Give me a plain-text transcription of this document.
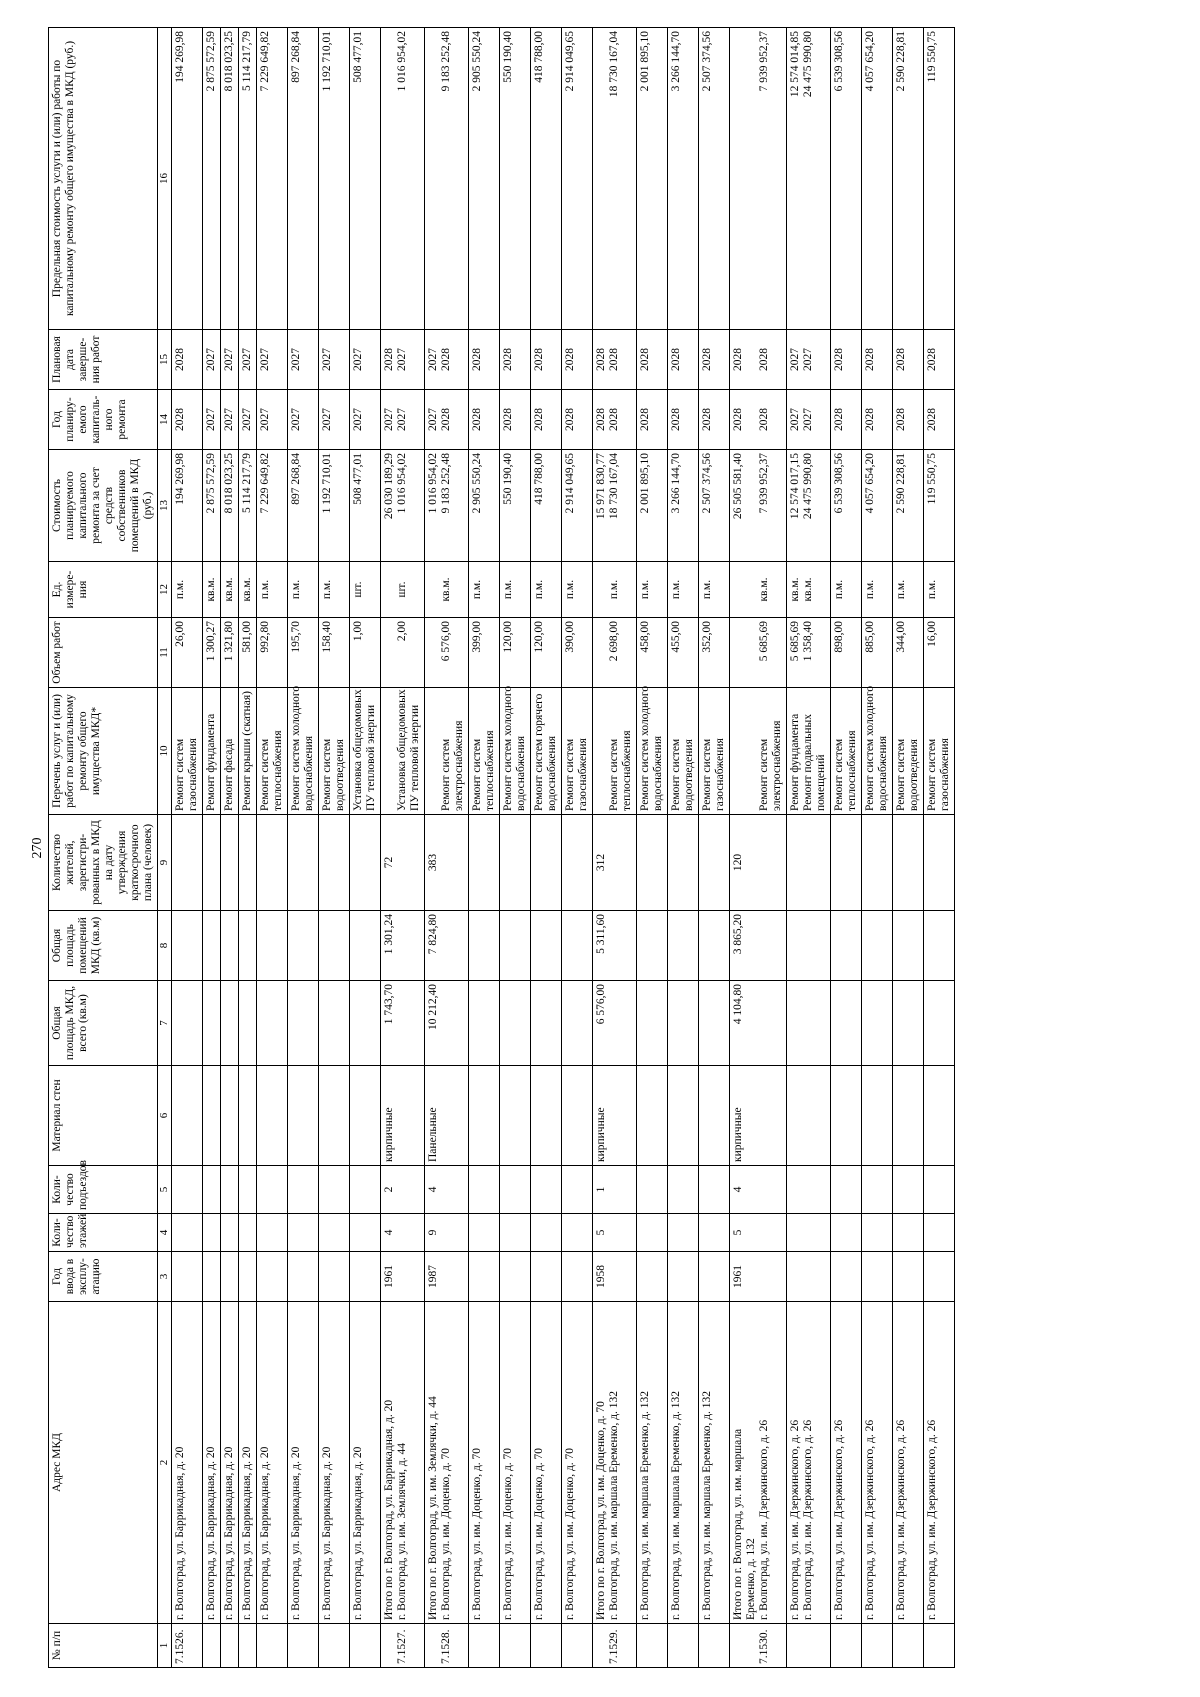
270
№ п/п	Адрес МКД	Год ввода в эксплу-атацию	Коли-чество этажей	Коли-чество подъездов	Материал стен	Общая площадь МКД, всего (кв.м)	Общая площадь помещений МКД (кв.м)	Количество жителей, зарегистри-рованных в МКД на дату утверждения краткосрочного плана (человек)	Перечень услуг и (или) работ по капитальному ремонту общего имущества МКД*	Объем работ	Ед. измере-ния	Стоимость планируемого капитального ремонта за счет средств собственников помещений в МКД (руб.)	Год планиру-емого капиталь-ного ремонта	Плановая дата заверше-ния работ	Предельная стоимость услуги и (или) работы по капитальному ремонту общего имущества в МКД (руб.)
1	2	3	4	5	6	7	8	9	10	11	12	13	14	15	16

7.1526.	г. Волгоград, ул. Баррикадная, д. 20								Ремонт систем газоснабжения	26,00	п.м.	194 269,98	2028	2028	194 269,98

	г. Волгоград, ул. Баррикадная, д. 20								Ремонт фундамента	1 300,27	кв.м.	2 875 572,59	2027	2027	2 875 572,59

	г. Волгоград, ул. Баррикадная, д. 20								Ремонт фасада	1 321,80	кв.м.	8 018 023,25	2027	2027	8 018 023,25

	г. Волгоград, ул. Баррикадная, д. 20								Ремонт крыши (скатная)	581,00	кв.м.	5 114 217,79	2027	2027	5 114 217,79

	г. Волгоград, ул. Баррикадная, д. 20								Ремонт систем теплоснабжения	992,80	п.м.	7 229 649,82	2027	2027	7 229 649,82

	г. Волгоград, ул. Баррикадная, д. 20								Ремонт систем холодного водоснабжения	195,70	п.м.	897 268,84	2027	2027	897 268,84

	г. Волгоград, ул. Баррикадная, д. 20								Ремонт систем водоотведения	158,40	п.м.	1 192 710,01	2027	2027	1 192 710,01

	г. Волгоград, ул. Баррикадная, д. 20								Установка общедомовых ПУ тепловой энергии	1,00	шт.	508 477,01	2027	2027	508 477,01

7.1527.	Итого по г. Волгоград, ул. Баррикадная, д. 20 г. Волгоград, ул. им. Землячки, д. 44	1961	4	2	кирпичные	1 743,70	1 301,24	72	Установка общедомовых ПУ тепловой энергии	2,00	шт.	26 030 189,29 1 016 954,02	2027 2027	2028 2027	1 016 954,02

7.1528.	Итого по г. Волгоград, ул. им. Землячки, д. 44 г. Волгоград, ул. им. Доценко, д. 70	1987	9	4	Панельные	10 212,40	7 824,80	383	Ремонт систем электроснабжения	6 576,00	кв.м.	1 016 954,02 9 183 252,48	2027 2028	2027 2028	9 183 252,48

	г. Волгоград, ул. им. Доценко, д. 70								Ремонт систем теплоснабжения	399,00	п.м.	2 905 550,24	2028	2028	2 905 550,24

	г. Волгоград, ул. им. Доценко, д. 70								Ремонт систем холодного водоснабжения	120,00	п.м.	550 190,40	2028	2028	550 190,40

	г. Волгоград, ул. им. Доценко, д. 70								Ремонт систем горячего водоснабжения	120,00	п.м.	418 788,00	2028	2028	418 788,00

	г. Волгоград, ул. им. Доценко, д. 70								Ремонт систем газоснабжения	390,00	п.м.	2 914 049,65	2028	2028	2 914 049,65

7.1529.	Итого по г. Волгоград, ул. им. Доценко, д. 70 г. Волгоград, ул. им. маршала Еременко, д. 132	1958	5	1	кирпичные	6 576,00	5 311,60	312	Ремонт систем теплоснабжения	2 698,00	п.м.	15 971 830,77 18 730 167,04	2028 2028	2028 2028	18 730 167,04

	г. Волгоград, ул. им. маршала Еременко, д. 132								Ремонт систем холодного водоснабжения	458,00	п.м.	2 001 895,10	2028	2028	2 001 895,10

	г. Волгоград, ул. им. маршала Еременко, д. 132								Ремонт систем водоотведения	455,00	п.м.	3 266 144,70	2028	2028	3 266 144,70

	г. Волгоград, ул. им. маршала Еременко, д. 132								Ремонт систем газоснабжения	352,00	п.м.	2 507 374,56	2028	2028	2 507 374,56

7.1530.	Итого по г. Волгоград, ул. им. маршала Еременко, д. 132 г. Волгоград, ул. им. Дзержинского, д. 26	1961	5	4	кирпичные	4 104,80	3 865,20	120	Ремонт систем электроснабжения	5 685,69	кв.м.	26 505 581,40 7 939 952,37	2028 2028	2028 2028	7 939 952,37

	г. Волгоград, ул. им. Дзержинского, д. 26 г. Волгоград, ул. им. Дзержинского, д. 26								Ремонт фундамента Ремонт подвальных помещений	5 685,69 1 358,40	кв.м. кв.м.	12 574 017,15 24 475 990,80	2027 2027	2027 2027	12 574 014,85 24 475 990,80

	г. Волгоград, ул. им. Дзержинского, д. 26								Ремонт систем теплоснабжения	898,00	п.м.	6 539 308,56	2028	2028	6 539 308,56

	г. Волгоград, ул. им. Дзержинского, д. 26								Ремонт систем холодного водоснабжения	885,00	п.м.	4 057 654,20	2028	2028	4 057 654,20

	г. Волгоград, ул. им. Дзержинского, д. 26								Ремонт систем водоотведения	344,00	п.м.	2 590 228,81	2028	2028	2 590 228,81

	г. Волгоград, ул. им. Дзержинского, д. 26								Ремонт систем газоснабжения	16,00	п.м.	119 550,75	2028	2028	119 550,75
